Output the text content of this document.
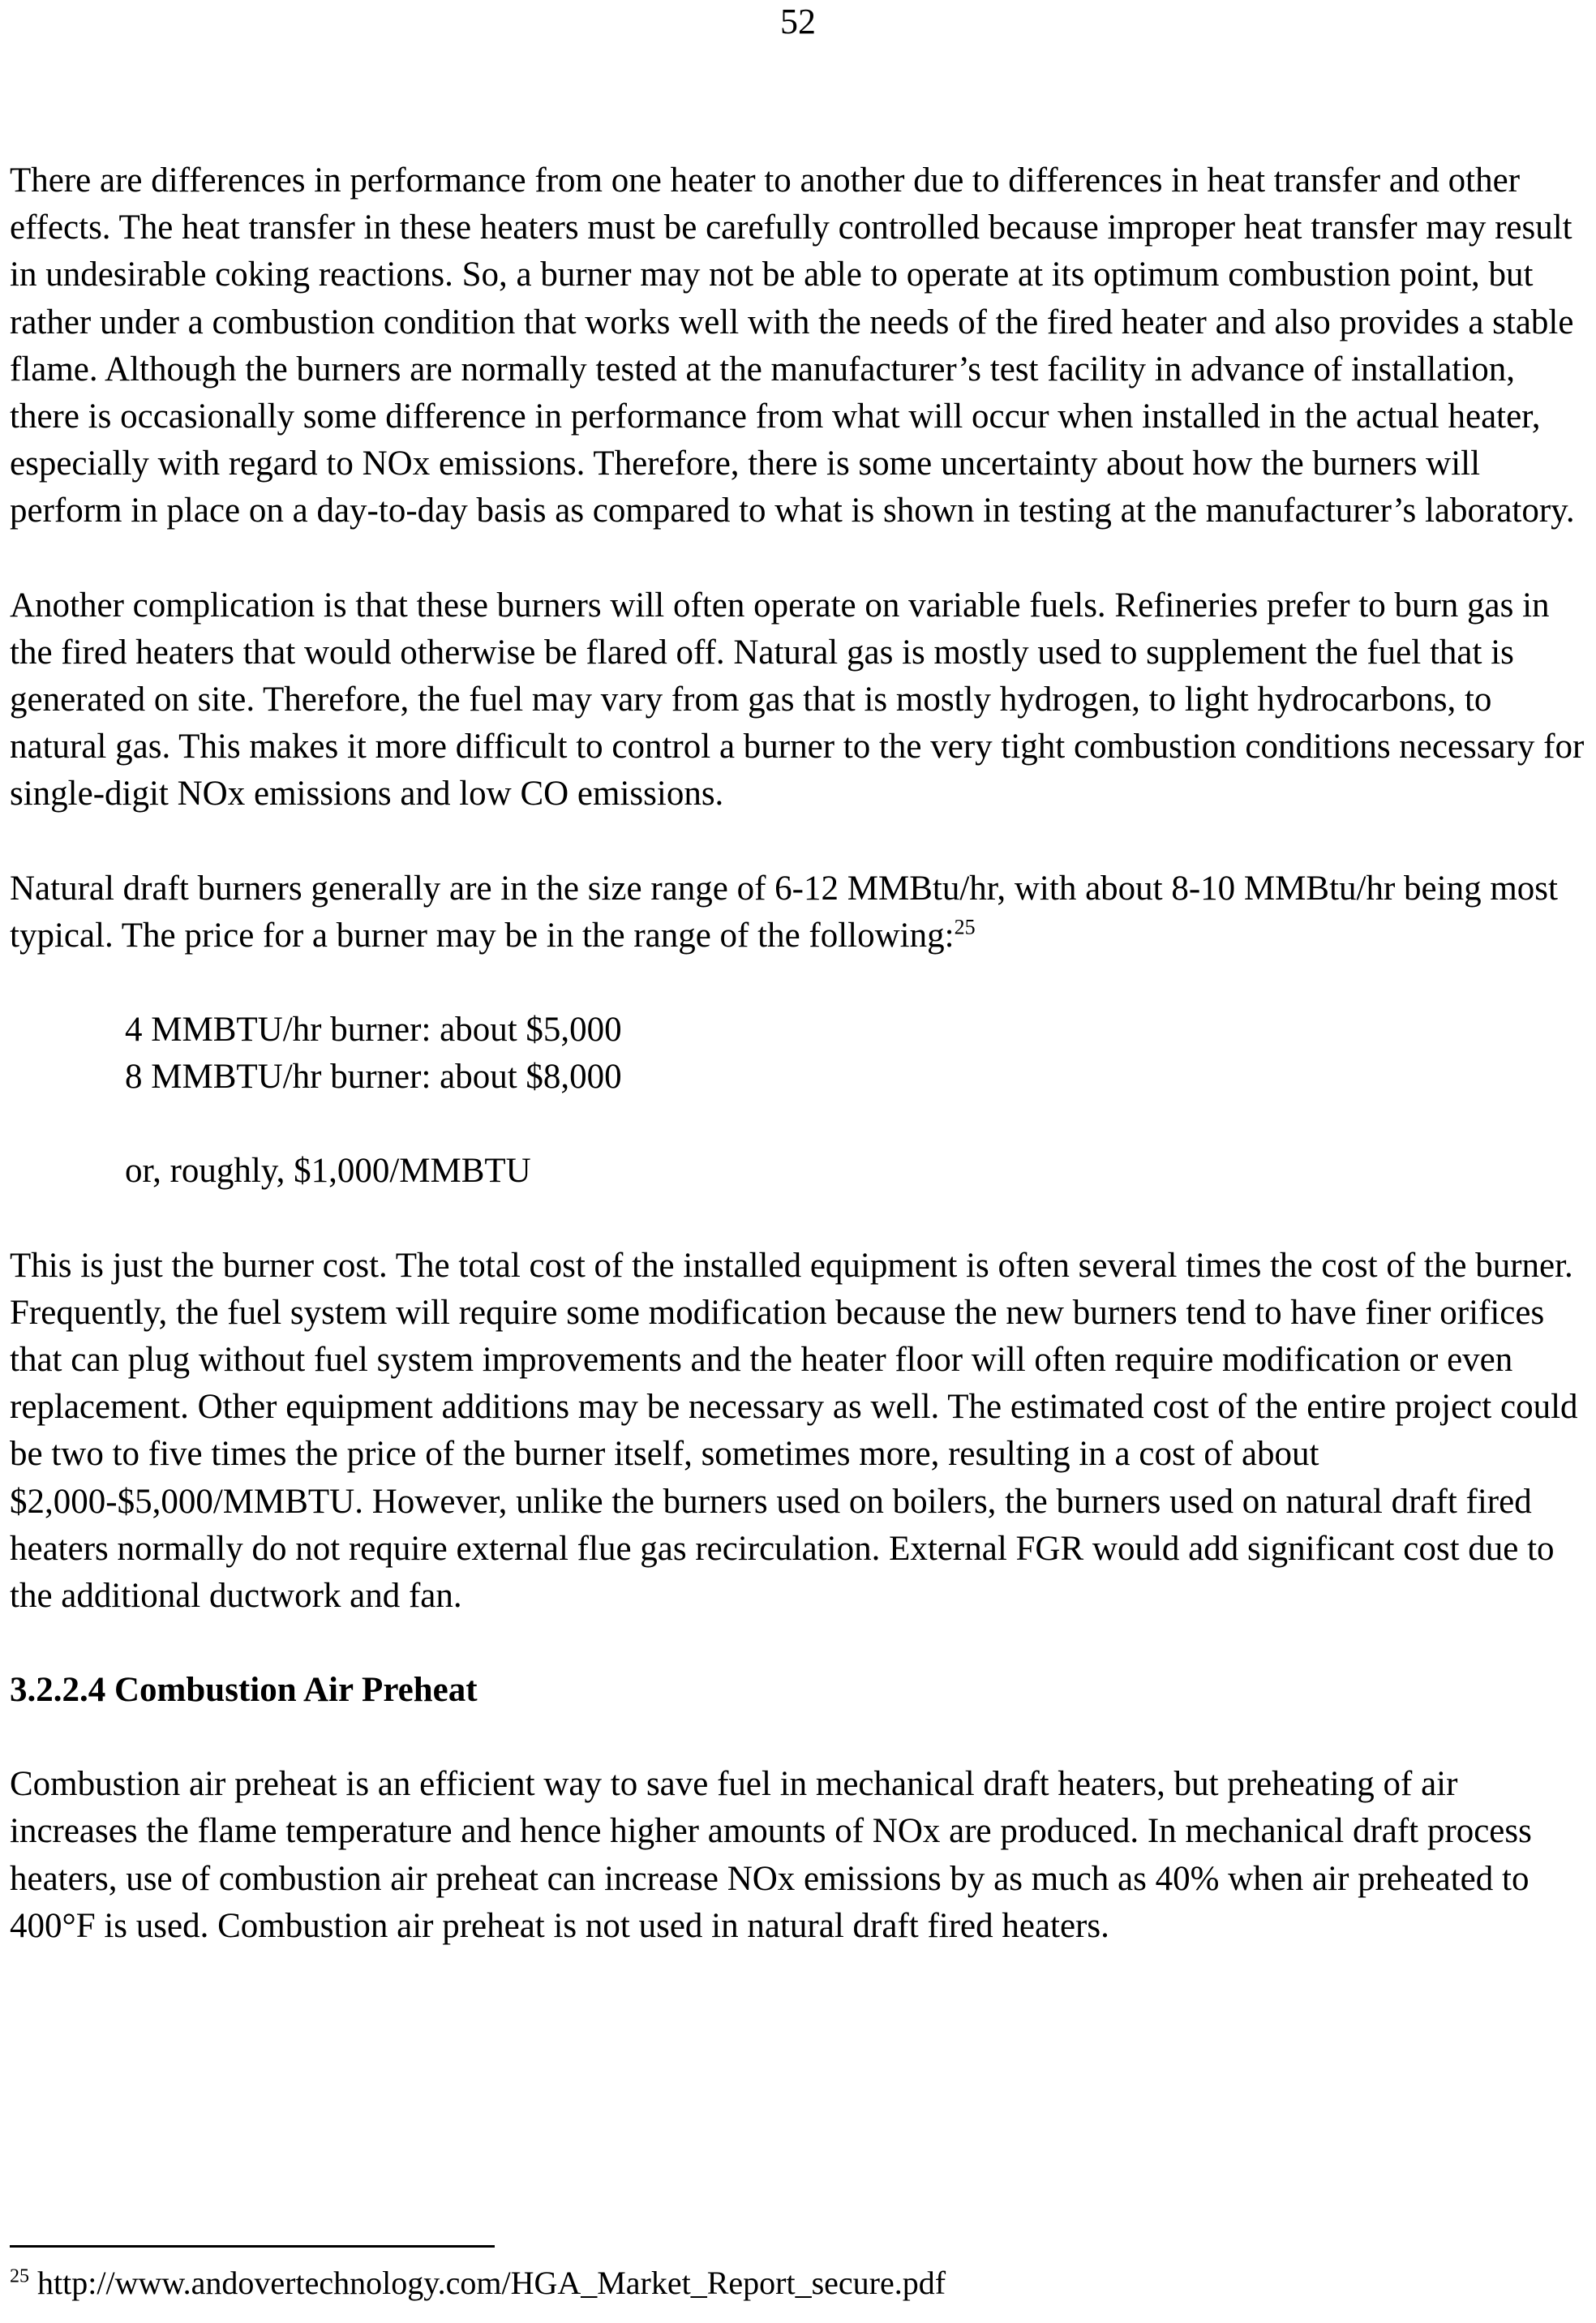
52

There are differences in performance from one heater to another due to differences in heat transfer and other effects. The heat transfer in these heaters must be carefully controlled because improper heat transfer may result in undesirable coking reactions. So, a burner may not be able to operate at its optimum combustion point, but rather under a combustion condition that works well with the needs of the fired heater and also provides a stable flame. Although the burners are normally tested at the manufacturer’s test facility in advance of installation, there is occasionally some difference in performance from what will occur when installed in the actual heater, especially with regard to NOx emissions. Therefore, there is some uncertainty about how the burners will perform in place on a day-to-day basis as compared to what is shown in testing at the manufacturer’s laboratory.

Another complication is that these burners will often operate on variable fuels. Refineries prefer to burn gas in the fired heaters that would otherwise be flared off. Natural gas is mostly used to supplement the fuel that is generated on site. Therefore, the fuel may vary from gas that is mostly hydrogen, to light hydrocarbons, to natural gas. This makes it more difficult to control a burner to the very tight combustion conditions necessary for single-digit NOx emissions and low CO emissions.

Natural draft burners generally are in the size range of 6-12 MMBtu/hr, with about 8-10 MMBtu/hr being most typical. The price for a burner may be in the range of the following:$^{25}$

4 MMBTU/hr burner: about $5,000
8 MMBTU/hr burner: about $8,000
or, roughly, $1,000/MMBTU

This is just the burner cost. The total cost of the installed equipment is often several times the cost of the burner. Frequently, the fuel system will require some modification because the new burners tend to have finer orifices that can plug without fuel system improvements and the heater floor will often require modification or even replacement. Other equipment additions may be necessary as well. The estimated cost of the entire project could be two to five times the price of the burner itself, sometimes more, resulting in a cost of about $2,000-$5,000/MMBTU. However, unlike the burners used on boilers, the burners used on natural draft fired heaters normally do not require external flue gas recirculation. External FGR would add significant cost due to the additional ductwork and fan.

3.2.2.4 Combustion Air Preheat

Combustion air preheat is an efficient way to save fuel in mechanical draft heaters, but preheating of air increases the flame temperature and hence higher amounts of NOx are produced. In mechanical draft process heaters, use of combustion air preheat can increase NOx emissions by as much as 40% when air preheated to 400°F is used. Combustion air preheat is not used in natural draft fired heaters.

$^{25}$ http://www.andovertechnology.com/HGA_Market_Report_secure.pdf
